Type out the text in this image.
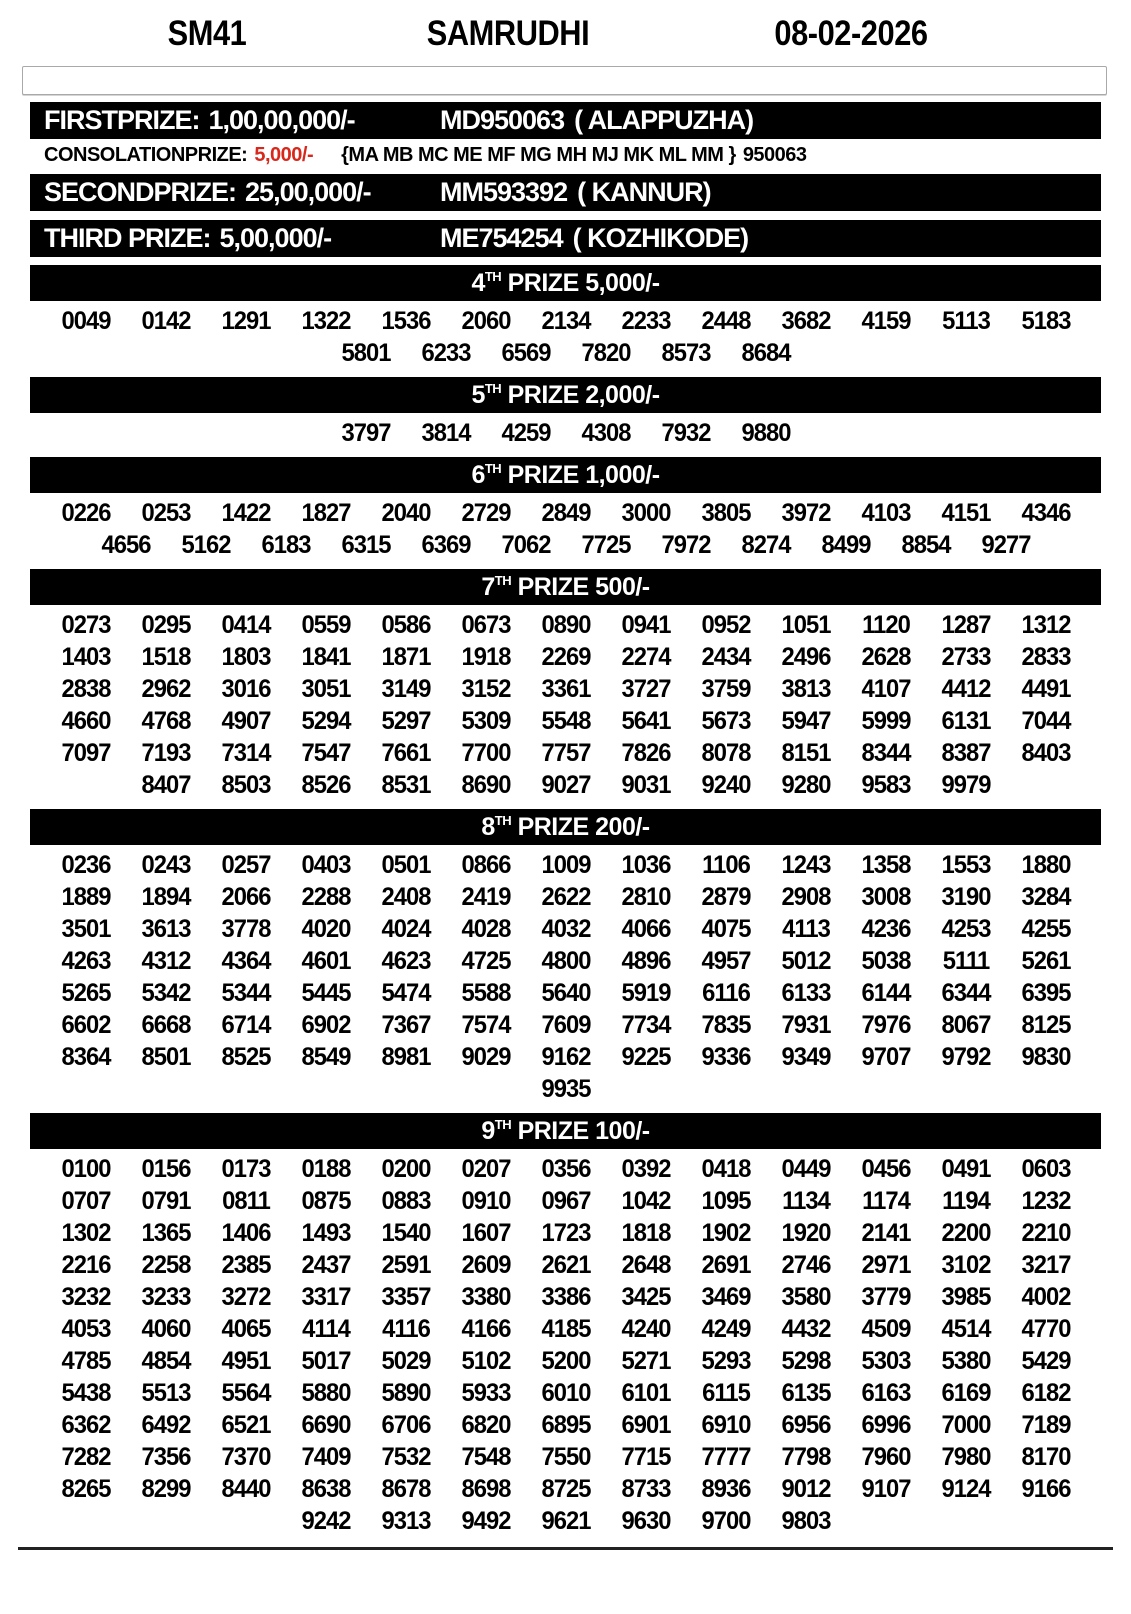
SM41	SAMRUDHI	08-02-2026
FIRSTPRIZE: 1,00,00,000/-	MD950063 ( ALAPPUZHA)
CONSOLATIONPRIZE: 5,000/- {MA MB MC ME MF MG MH MJ MK ML MM } 950063
SECONDPRIZE: 25,00,000/-	MM593392 ( KANNUR)
THIRD PRIZE: 5,00,000/-	ME754254 ( KOZHIKODE)
4TH PRIZE 5,000/-
0049	0142	1291	1322	1536	2060	2134	2233	2448	3682	4159	5113	5183
5801	6233	6569	7820	8573	8684
5TH PRIZE 2,000/-
3797	3814	4259	4308	7932	9880
6TH PRIZE 1,000/-
0226	0253	1422	1827	2040	2729	2849	3000	3805	3972	4103	4151	4346
4656	5162	6183	6315	6369	7062	7725	7972	8274	8499	8854	9277
7TH PRIZE 500/-
0273	0295	0414	0559	0586	0673	0890	0941	0952	1051	1120	1287	1312
1403	1518	1803	1841	1871	1918	2269	2274	2434	2496	2628	2733	2833
2838	2962	3016	3051	3149	3152	3361	3727	3759	3813	4107	4412	4491
4660	4768	4907	5294	5297	5309	5548	5641	5673	5947	5999	6131	7044
7097	7193	7314	7547	7661	7700	7757	7826	8078	8151	8344	8387	8403
8407	8503	8526	8531	8690	9027	9031	9240	9280	9583	9979
8TH PRIZE 200/-
0236	0243	0257	0403	0501	0866	1009	1036	1106	1243	1358	1553	1880
1889	1894	2066	2288	2408	2419	2622	2810	2879	2908	3008	3190	3284
3501	3613	3778	4020	4024	4028	4032	4066	4075	4113	4236	4253	4255
4263	4312	4364	4601	4623	4725	4800	4896	4957	5012	5038	5111	5261
5265	5342	5344	5445	5474	5588	5640	5919	6116	6133	6144	6344	6395
6602	6668	6714	6902	7367	7574	7609	7734	7835	7931	7976	8067	8125
8364	8501	8525	8549	8981	9029	9162	9225	9336	9349	9707	9792	9830
9935
9TH PRIZE 100/-
0100	0156	0173	0188	0200	0207	0356	0392	0418	0449	0456	0491	0603
0707	0791	0811	0875	0883	0910	0967	1042	1095	1134	1174	1194	1232
1302	1365	1406	1493	1540	1607	1723	1818	1902	1920	2141	2200	2210
2216	2258	2385	2437	2591	2609	2621	2648	2691	2746	2971	3102	3217
3232	3233	3272	3317	3357	3380	3386	3425	3469	3580	3779	3985	4002
4053	4060	4065	4114	4116	4166	4185	4240	4249	4432	4509	4514	4770
4785	4854	4951	5017	5029	5102	5200	5271	5293	5298	5303	5380	5429
5438	5513	5564	5880	5890	5933	6010	6101	6115	6135	6163	6169	6182
6362	6492	6521	6690	6706	6820	6895	6901	6910	6956	6996	7000	7189
7282	7356	7370	7409	7532	7548	7550	7715	7777	7798	7960	7980	8170
8265	8299	8440	8638	8678	8698	8725	8733	8936	9012	9107	9124	9166
9242	9313	9492	9621	9630	9700	9803
